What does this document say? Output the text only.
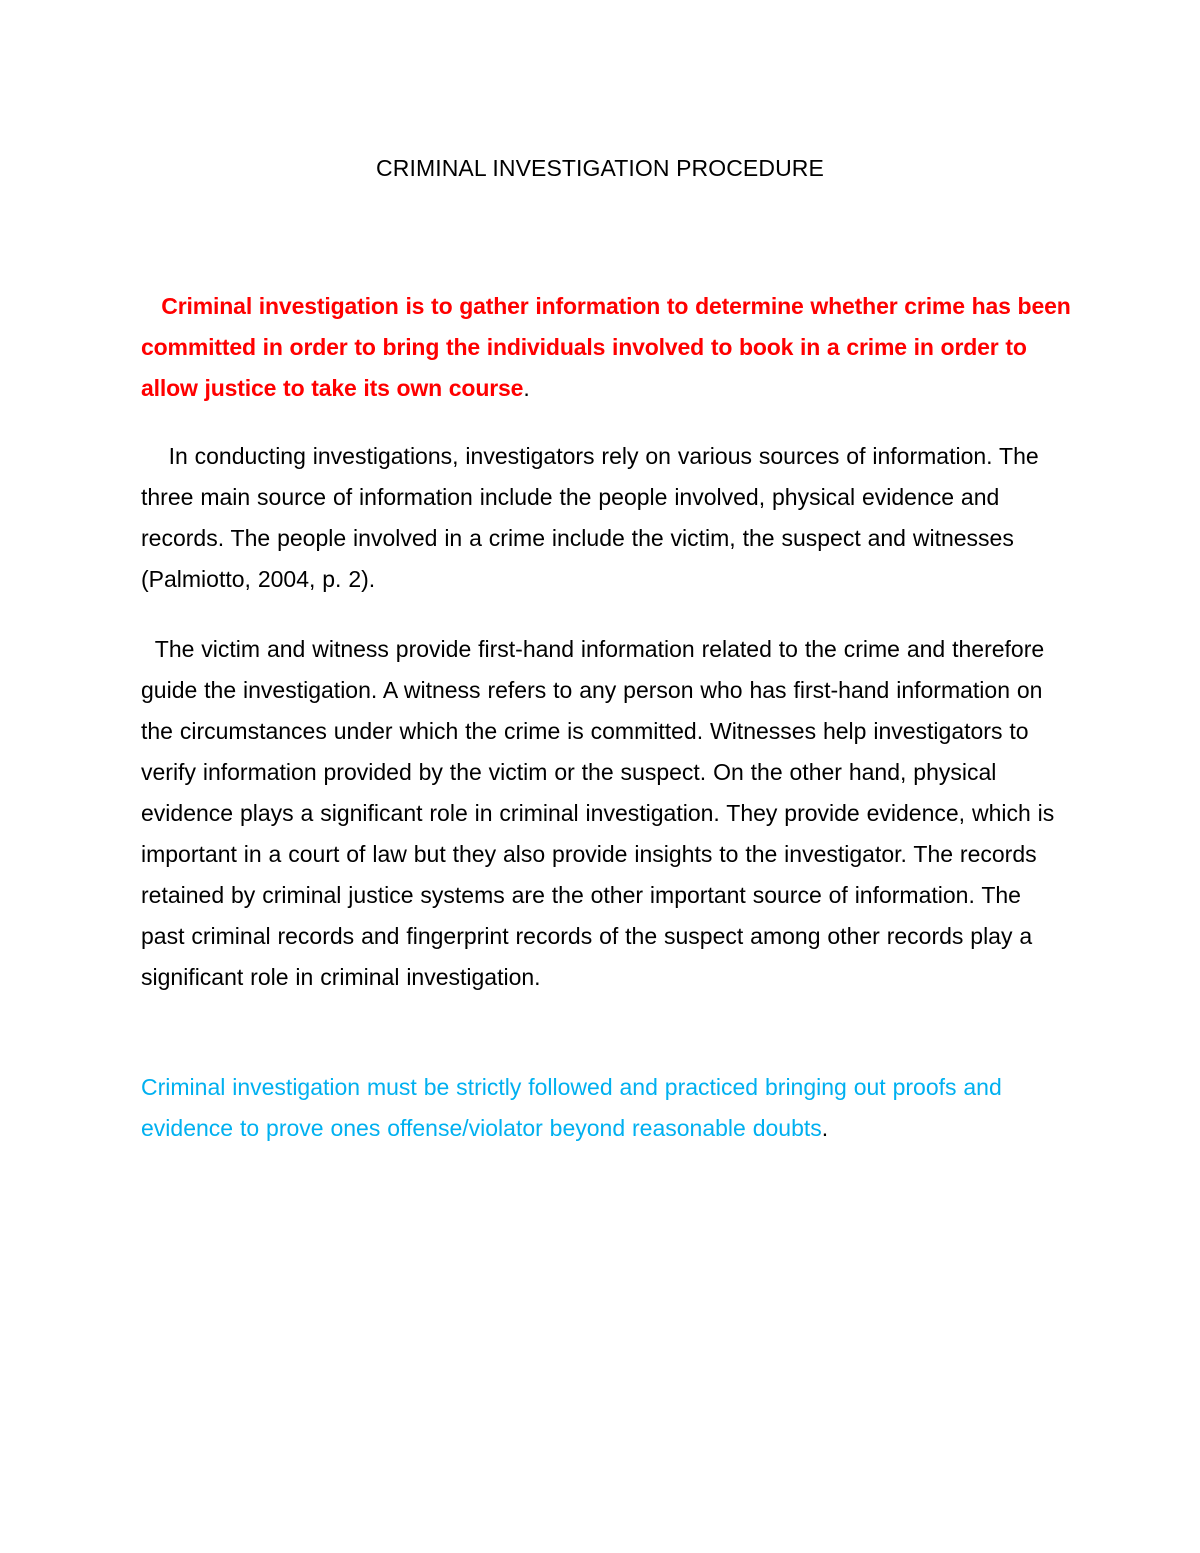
CRIMINAL INVESTIGATION PROCEDURE

Criminal investigation is to gather information to determine whether crime has been committed in order to bring the individuals involved to book in a crime in order to allow justice to take its own course.

In conducting investigations, investigators rely on various sources of information. The three main source of information include the people involved, physical evidence and records. The people involved in a crime include the victim, the suspect and witnesses (Palmiotto, 2004, p. 2).

The victim and witness provide first-hand information related to the crime and therefore guide the investigation. A witness refers to any person who has first-hand information on the circumstances under which the crime is committed. Witnesses help investigators to verify information provided by the victim or the suspect. On the other hand, physical evidence plays a significant role in criminal investigation. They provide evidence, which is important in a court of law but they also provide insights to the investigator. The records retained by criminal justice systems are the other important source of information. The past criminal records and fingerprint records of the suspect among other records play a significant role in criminal investigation.

Criminal investigation must be strictly followed and practiced bringing out proofs and evidence to prove ones offense/violator beyond reasonable doubts.
